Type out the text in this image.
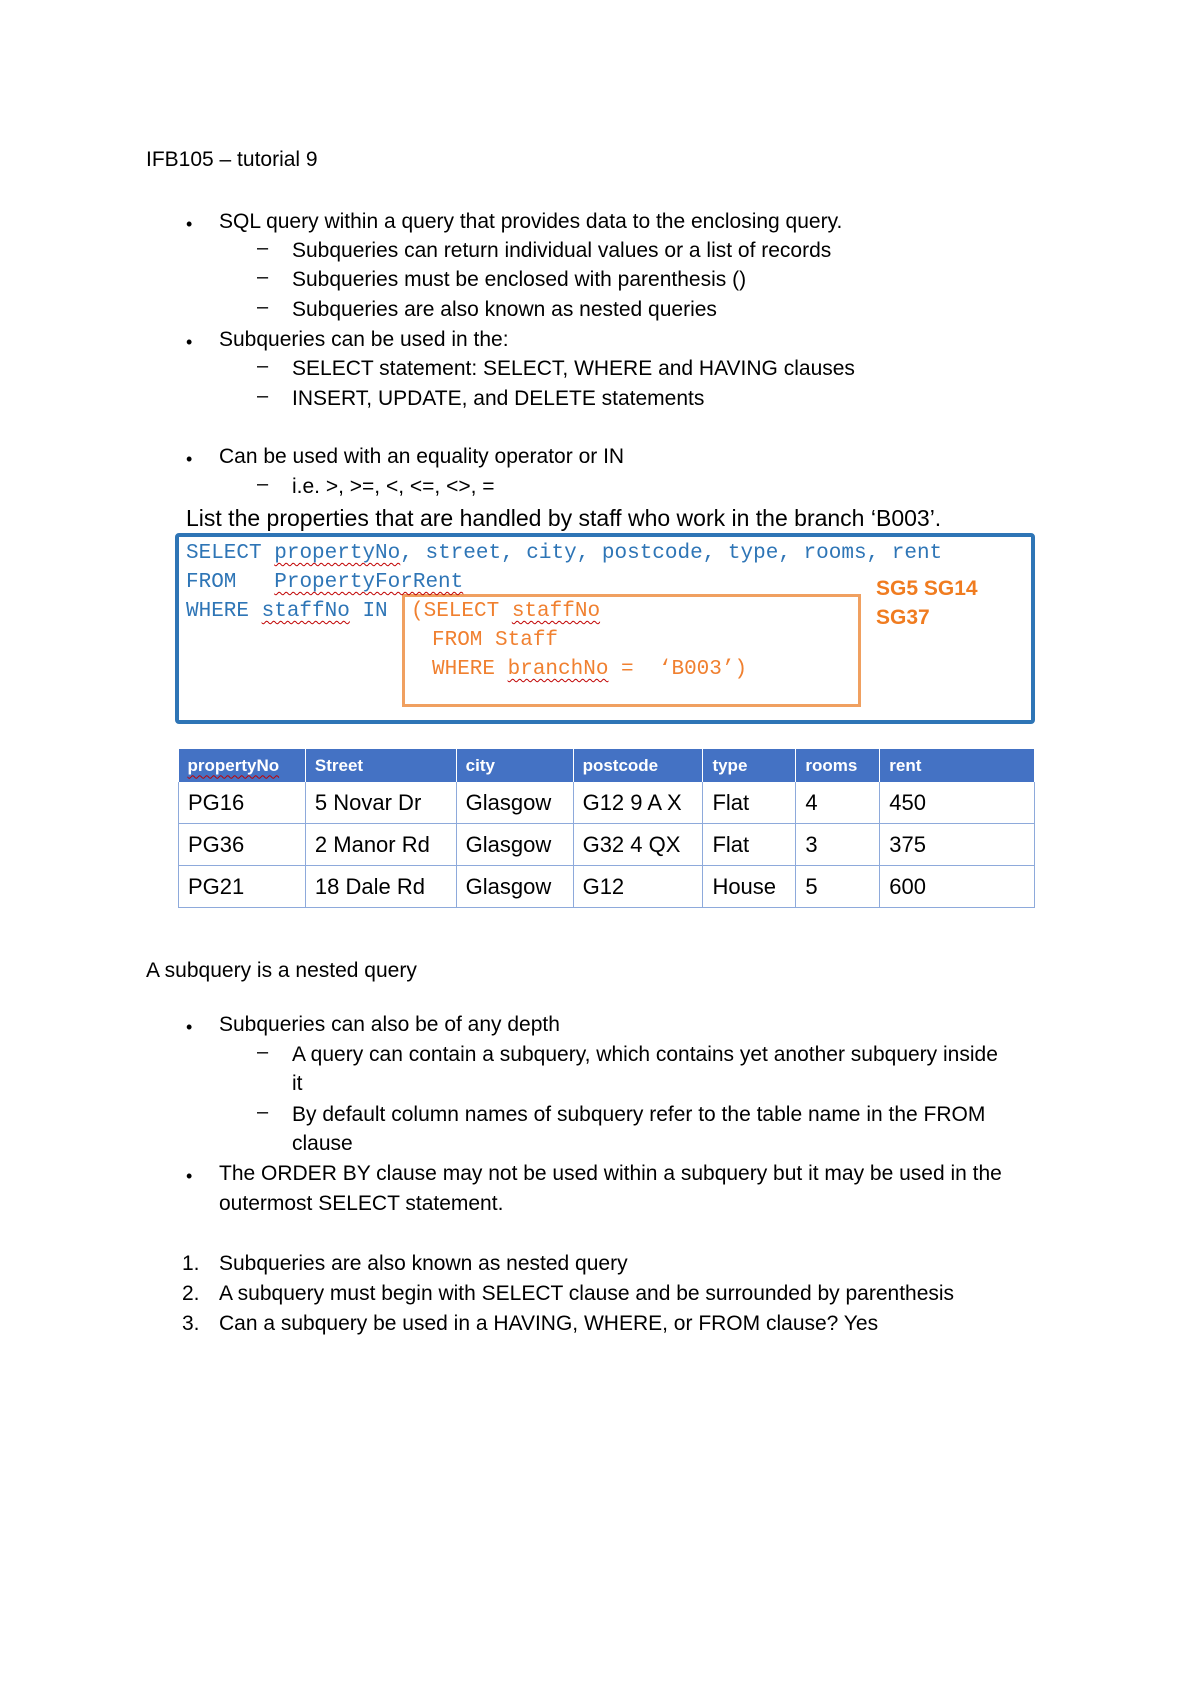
IFB105 – tutorial 9
• SQL query within a query that provides data to the enclosing query.
– Subqueries can return individual values or a list of records
– Subqueries must be enclosed with parenthesis ()
– Subqueries are also known as nested queries
• Subqueries can be used in the:
– SELECT statement: SELECT, WHERE and HAVING clauses
– INSERT, UPDATE, and DELETE statements
• Can be used with an equality operator or IN
– i.e. >, >=, <, <=, <>, =
List the properties that are handled by staff who work in the branch ‘B003’.
SELECT propertyNo, street, city, postcode, type, rooms, rent
FROM PropertyForRent
WHERE staffNo IN (SELECT staffNo
FROM Staff
WHERE branchNo =  ‘B003’)
SG5 SG14
SG37
propertyNo	Street	city	postcode	type	rooms	rent
PG16	5 Novar Dr	Glasgow	G12 9 A X	Flat	4	450
PG36	2 Manor Rd	Glasgow	G32 4 QX	Flat	3	375
PG21	18 Dale Rd	Glasgow	G12	House	5	600
A subquery is a nested query
• Subqueries can also be of any depth
– A query can contain a subquery, which contains yet another subquery inside
it
– By default column names of subquery refer to the table name in the FROM
clause
• The ORDER BY clause may not be used within a subquery but it may be used in the
outermost SELECT statement.
1. Subqueries are also known as nested query
2. A subquery must begin with SELECT clause and be surrounded by parenthesis
3. Can a subquery be used in a HAVING, WHERE, or FROM clause? Yes
